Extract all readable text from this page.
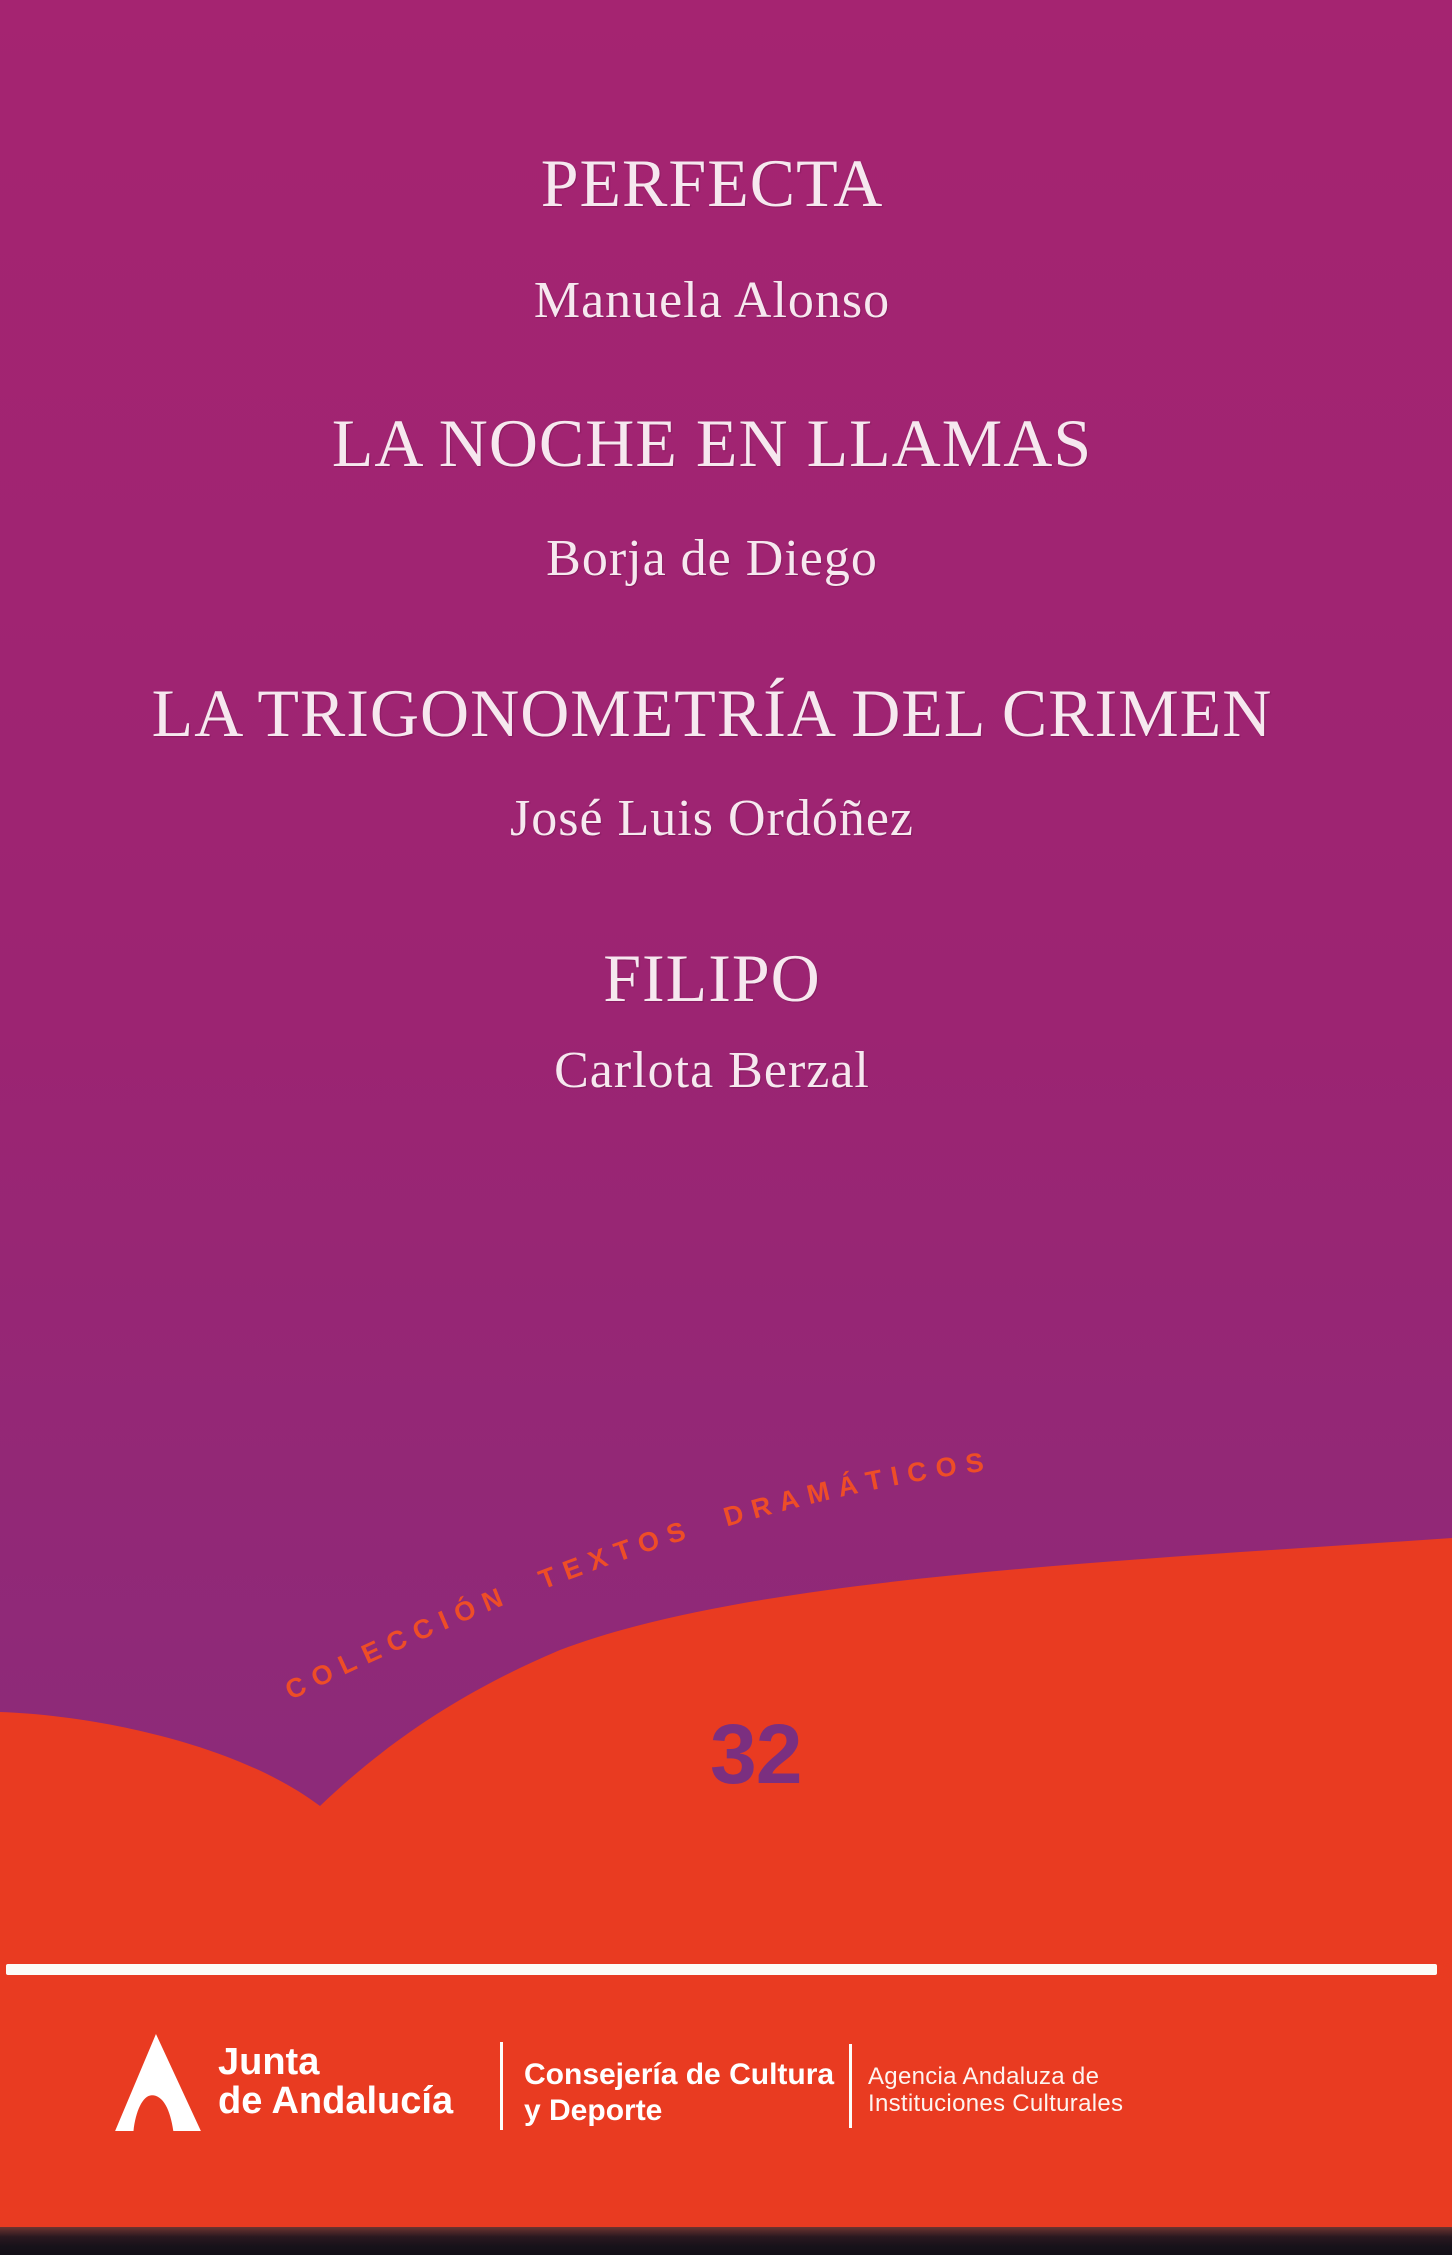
COLECCIÓN TEXTOS DRAMÁTICOS
PERFECTA
Manuela Alonso
LA NOCHE EN LLAMAS
Borja de Diego
LA TRIGONOMETRÍA DEL CRIMEN
José Luis Ordóñez
FILIPO
Carlota Berzal
32
Junta
de Andalucía
Consejería de Cultura
y Deporte
Agencia Andaluza de
Instituciones Culturales
